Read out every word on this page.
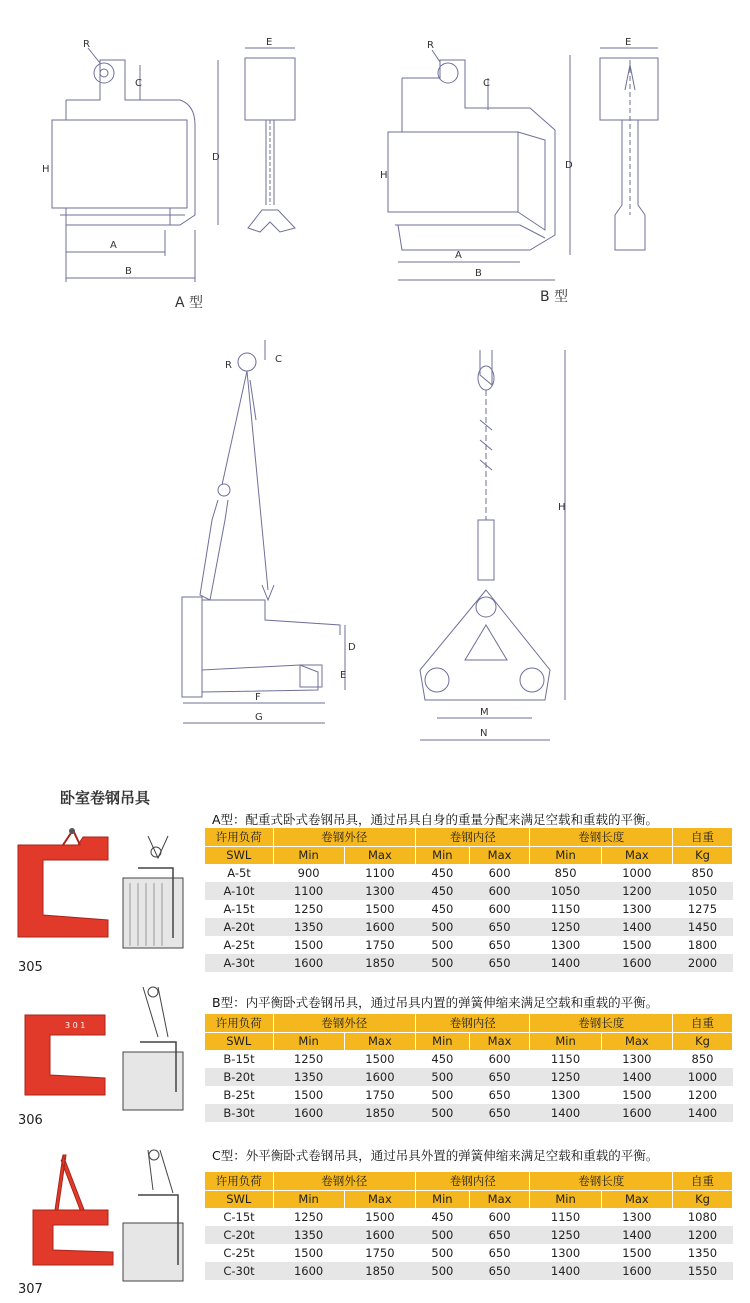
R
C
H
D
A
B
E	R
C
H
D
A
B
E
R
C
D
E
F
G
H
M
N
A 型	B 型
卧室卷钢吊具
305
A型：配重式卧式卷钢吊具，通过吊具自身的重量分配来满足空载和重载的平衡。
许用负荷	卷钢外径		卷钢内径		卷钢长度		自重
SWL	Min	Max	Min	Max	Min	Max	Kg
A-5t	900	1100	450	600	850	1000	850
A-10t	1100	1300	450	600	1050	1200	1050
A-15t	1250	1500	450	600	1150	1300	1275
A-20t	1350	1600	500	650	1250	1400	1450
A-25t	1500	1750	500	650	1300	1500	1800
A-30t	1600	1850	500	650	1400	1600	2000
3 0 1
306
B型：内平衡卧式卷钢吊具，通过吊具内置的弹簧伸缩来满足空载和重载的平衡。
许用负荷	卷钢外径		卷钢内径		卷钢长度		自重
SWL	Min	Max	Min	Max	Min	Max	Kg
B-15t	1250	1500	450	600	1150	1300	850
B-20t	1350	1600	500	650	1250	1400	1000
B-25t	1500	1750	500	650	1300	1500	1200
B-30t	1600	1850	500	650	1400	1600	1400
307
C型：外平衡卧式卷钢吊具，通过吊具外置的弹簧伸缩来满足空载和重载的平衡。
许用负荷	卷钢外径		卷钢内径		卷钢长度		自重
SWL	Min	Max	Min	Max	Min	Max	Kg
C-15t	1250	1500	450	600	1150	1300	1080
C-20t	1350	1600	500	650	1250	1400	1200
C-25t	1500	1750	500	650	1300	1500	1350
C-30t	1600	1850	500	650	1400	1600	1550
